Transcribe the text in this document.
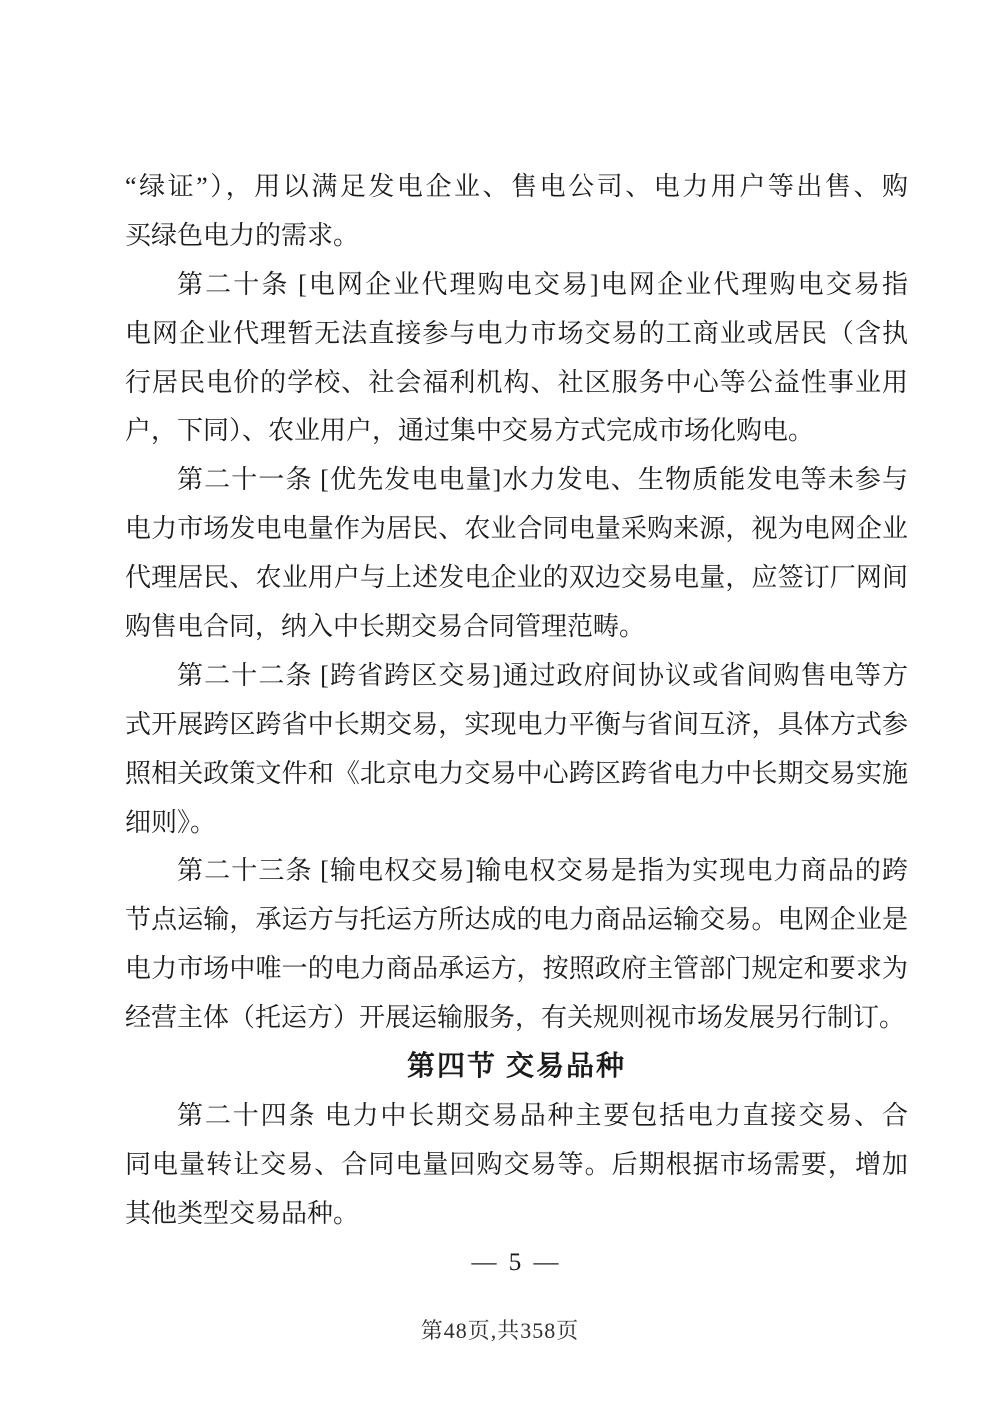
“绿证”），用以满足发电企业、售电公司、电力用户等出售、购
买绿色电力的需求。
第二十条 [电网企业代理购电交易]电网企业代理购电交易指
电网企业代理暂无法直接参与电力市场交易的工商业或居民（含执
行居民电价的学校、社会福利机构、社区服务中心等公益性事业用
户，下同）、农业用户，通过集中交易方式完成市场化购电。
第二十一条 [优先发电电量]水力发电、生物质能发电等未参与
电力市场发电电量作为居民、农业合同电量采购来源，视为电网企业
代理居民、农业用户与上述发电企业的双边交易电量，应签订厂网间
购售电合同，纳入中长期交易合同管理范畴。
第二十二条 [跨省跨区交易]通过政府间协议或省间购售电等方
式开展跨区跨省中长期交易，实现电力平衡与省间互济，具体方式参
照相关政策文件和《北京电力交易中心跨区跨省电力中长期交易实施
细则》。
第二十三条 [输电权交易]输电权交易是指为实现电力商品的跨
节点运输，承运方与托运方所达成的电力商品运输交易。电网企业是
电力市场中唯一的电力商品承运方，按照政府主管部门规定和要求为
经营主体（托运方）开展运输服务，有关规则视市场发展另行制订。
第四节 交易品种
第二十四条 电力中长期交易品种主要包括电力直接交易、合
同电量转让交易、合同电量回购交易等。后期根据市场需要，增加
其他类型交易品种。
— 5 —
第48页,共358页
